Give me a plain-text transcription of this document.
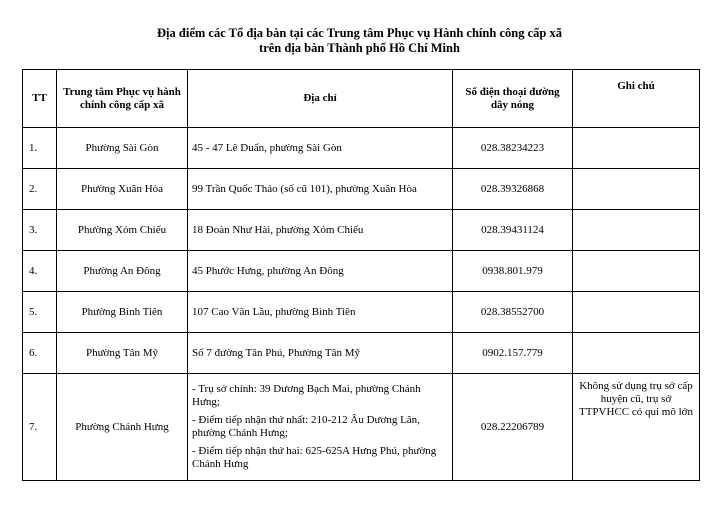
Địa điểm các Tổ địa bàn tại các Trung tâm Phục vụ Hành chính công cấp xã
trên địa bàn Thành phố Hồ Chí Minh
TT	Trung tâm Phục vụ hành chính công cấp xã	Địa chỉ	Số điện thoại đường dây nóng	Ghi chú
1.	Phường Sài Gòn	45 - 47 Lê Duẩn, phường Sài Gòn	028.38234223	
2.	Phường Xuân Hòa	99 Trần Quốc Thảo (số cũ 101), phường Xuân Hòa	028.39326868	
3.	Phường Xóm Chiếu	18 Đoàn Như Hài, phường Xóm Chiếu	028.39431124	
4.	Phường An Đông	45 Phước Hưng, phường An Đông	0938.801.979	
5.	Phường Bình Tiên	107 Cao Văn Lầu, phường Bình Tiên	028.38552700	
6.	Phường Tân Mỹ	Số 7 đường Tân Phú, Phường Tân Mỹ	0902.157.779	
7.	Phường Chánh Hưng	- Trụ sở chính: 39 Dương Bạch Mai, phường Chánh Hưng;
- Điểm tiếp nhận thứ nhất: 210-212 Âu Dương Lân, phường Chánh Hưng;
- Điểm tiếp nhận thứ hai: 625-625A Hưng Phú, phường Chánh Hưng	028.22206789	Không sử dụng trụ sở cấp huyện cũ, trụ sở TTPVHCC có qui mô lớn
